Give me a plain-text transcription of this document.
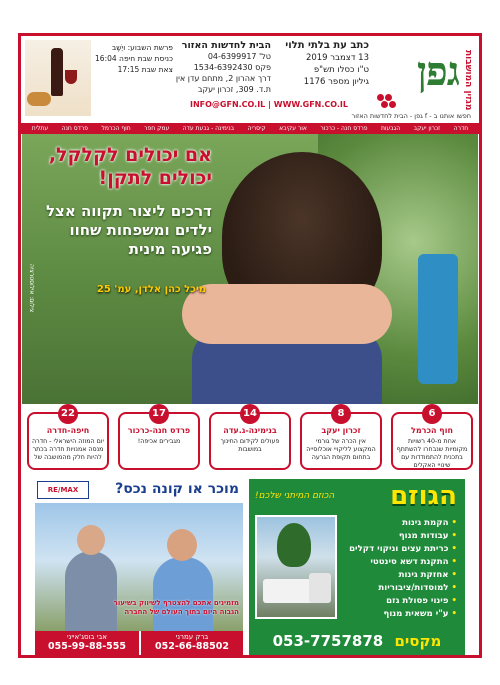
גפן מגזין המושבות
כתב עת בלתי תלוי
13 דצמבר 2019
ט"ו כסלו תש"פ
גיליון מספר 1176
הבית לחדשות האזור
טל' 04-6399917
פקס 1534-6392430
דרך אהרון 2, מתחם עדן אין
ת.ד. 309, זכרון יעקב
פרשת השבוע: ויֵשֶׁב
כניסת שבת חיפה 16:04
צאת שבת 17:15
INFO@GFN.CO.IL | WWW.GFN.CO.IL
חפשו אותנו ב - f גפן - הבית לחדשות האזור
חדרה
זכרון יעקב
הגבעות
פרדס חנה - כרכור
אור עקיבא
קיסריה
בנימינה - גבעת עדה
עמק חפר
חוף הכרמל
פרדס חנה
עתלית
אם יכולים לקלקל, יכולים לתקן!
דרכים ליצור תקווה אצל ילדים ומשפחות שחוו פגיעה מינית
מיכל כהן אלדן, עמ' 25
צילום: אילוסטרציה
6
חוף הכרמל
אחת מ-40 רשויות מקומיות שנבחרו להשתתף בתכנית להתמודדות עם שינויי האקלים
8
זכרון יעקב
אין הכרה של גורמי המקצוע לליקויי אוכלוסייה בתחום תקופת הגרעה
14
בנימינה-ג.עדה
פעולים לקידום החינוך במושבות
17
פרדס חנה-כרכור
מגבירים אכיפה!
22
חיפה-חדרה
יום המוזה הישראלי - חדרה מנסה אמנויות חדרה בכתר להיות חלק מהמושבה של
RE/MAX	מוכר או קונה נכס?
מזמינים אתכם להצטרף לשיווק בשיעור הגבוה היום בתוך העולם של החברה
אבי בוסג'אייני
055-99-88-555
ברק עמרני
052-66-88502
הגוזם
הכוזם המיתני שלכם!
• הקמת גינות
• עבודות מנוף
• כריתת עצים וניקוי דקלים
• התקנת דשא סינטטי
• אחזקת גינות
• למוסדות/ציבוריות
• פינוי פסולת גזם
• ע"י משאית מנוף
מקסים 053-7757878
